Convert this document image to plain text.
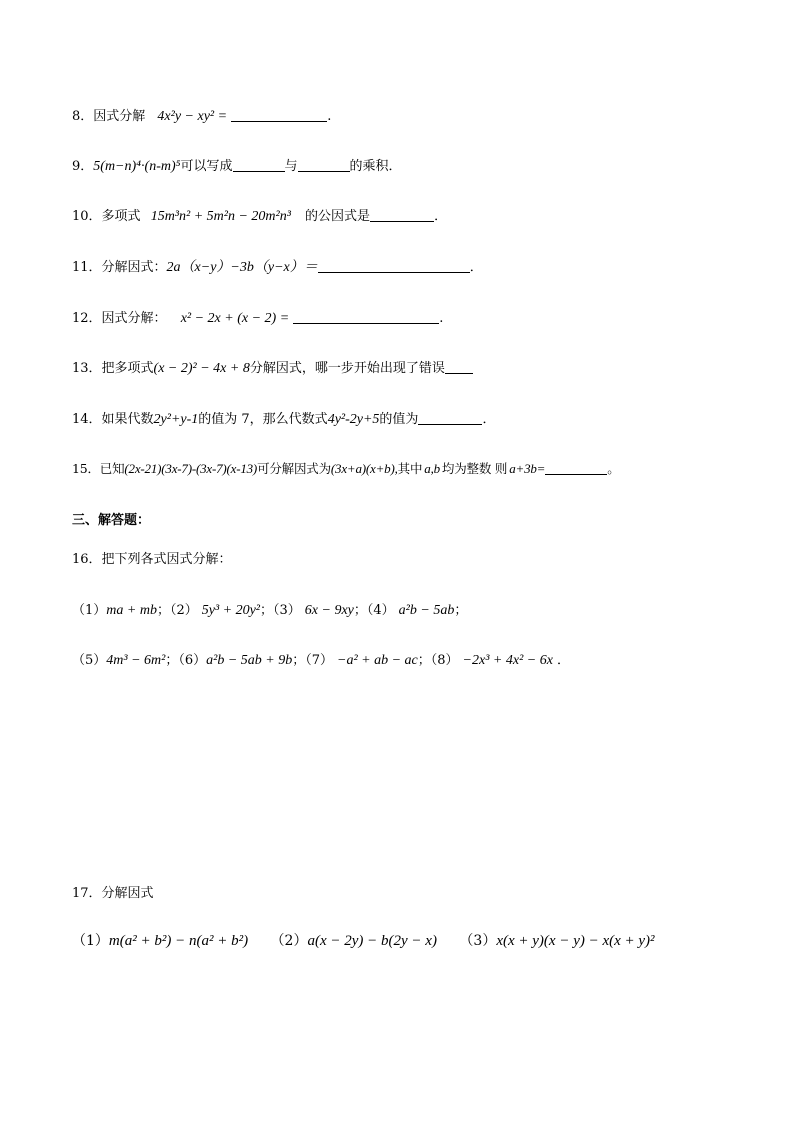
8．因式分解 4x²y − xy² =	.
9．5(m−n)⁴·(n-m)⁵可以写成	与	的乘积．
10．多项式 15m³n² + 5m²n − 20m²n³ 的公因式是	．
11．分解因式：2a（x−y）−3b（y−x）＝	．
12．因式分解： x² − 2x + (x − 2) =	.
13．把多项式(x − 2)² − 4x + 8分解因式，哪一步开始出现了错误
14．如果代数2y²+y-1的值为 7，那么代数式4y²-2y+5的值为	．
15．已知(2x-21)(3x-7)-(3x-7)(x-13)可分解因式为(3x+a)(x+b),其中 a,b 均为整数 则 a+3b=	。
三、解答题：
16．把下列各式因式分解：
（1）ma + mb；（2） 5y³ + 20y²；（3） 6x − 9xy；（4） a²b − 5ab；
（5）4m³ − 6m²；（6）a²b − 5ab + 9b；（7） −a² + ab − ac；（8） −2x³ + 4x² − 6x ．
17．分解因式
（1）m(a² + b²) − n(a² + b²) （2）a(x − 2y) − b(2y − x) （3）x(x + y)(x − y) − x(x + y)²
